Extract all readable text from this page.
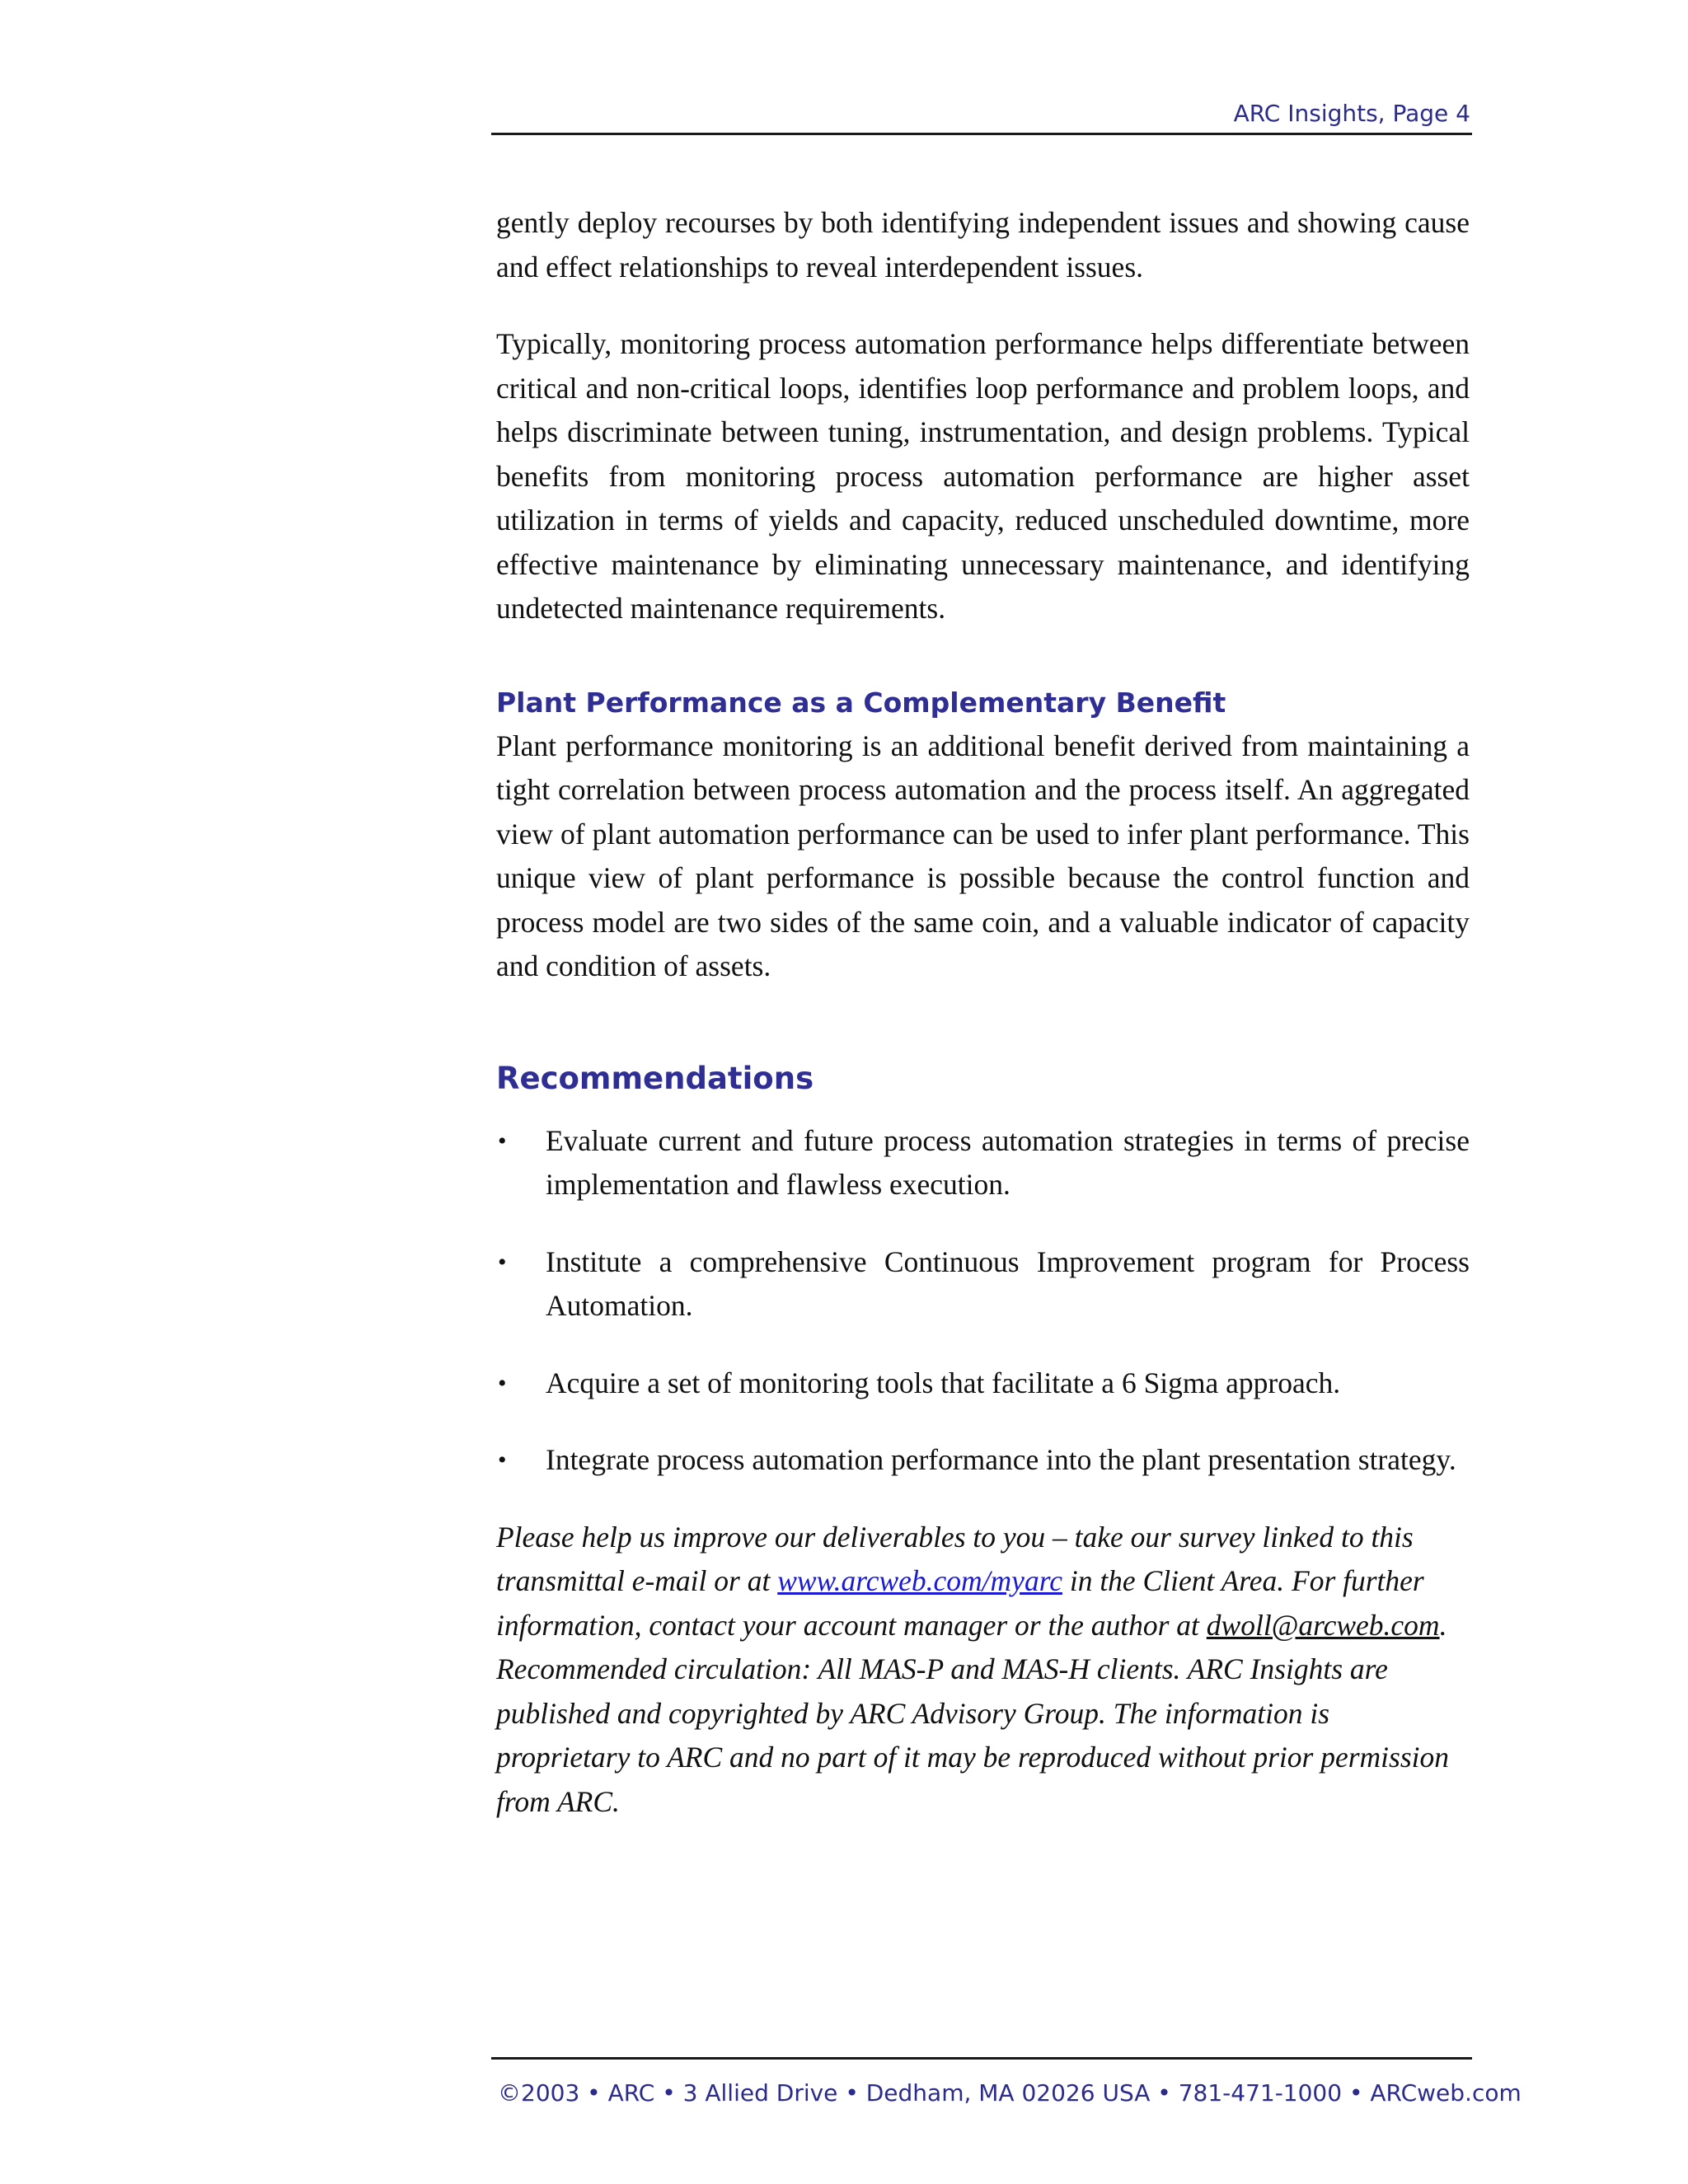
ARC Insights, Page 4

gently deploy recourses by both identifying independent issues and showing cause and effect relationships to reveal interdependent issues.

Typically, monitoring process automation performance helps differentiate between critical and non-critical loops, identifies loop performance and problem loops, and helps discriminate between tuning, instrumentation, and design problems. Typical benefits from monitoring process automation performance are higher asset utilization in terms of yields and capacity, reduced unscheduled downtime, more effective maintenance by eliminating unnecessary maintenance, and identifying undetected maintenance requirements.

Plant Performance as a Complementary Benefit

Plant performance monitoring is an additional benefit derived from maintaining a tight correlation between process automation and the process itself. An aggregated view of plant automation performance can be used to infer plant performance. This unique view of plant performance is possible because the control function and process model are two sides of the same coin, and a valuable indicator of capacity and condition of assets.

Recommendations
•	Evaluate current and future process automation strategies in terms of precise implementation and flawless execution.
•	Institute a comprehensive Continuous Improvement program for Process Automation.
•	Acquire a set of monitoring tools that facilitate a 6 Sigma approach.
•	Integrate process automation performance into the plant presentation strategy.

Please help us improve our deliverables to you – take our survey linked to this transmittal e-mail or at www.arcweb.com/myarc in the Client Area. For further information, contact your account manager or the author at dwoll@arcweb.com. Recommended circulation: All MAS-P and MAS-H clients. ARC Insights are published and copyrighted by ARC Advisory Group. The information is proprietary to ARC and no part of it may be reproduced without prior permission from ARC.

©2003 • ARC • 3 Allied Drive • Dedham, MA 02026 USA • 781-471-1000 • ARCweb.com
